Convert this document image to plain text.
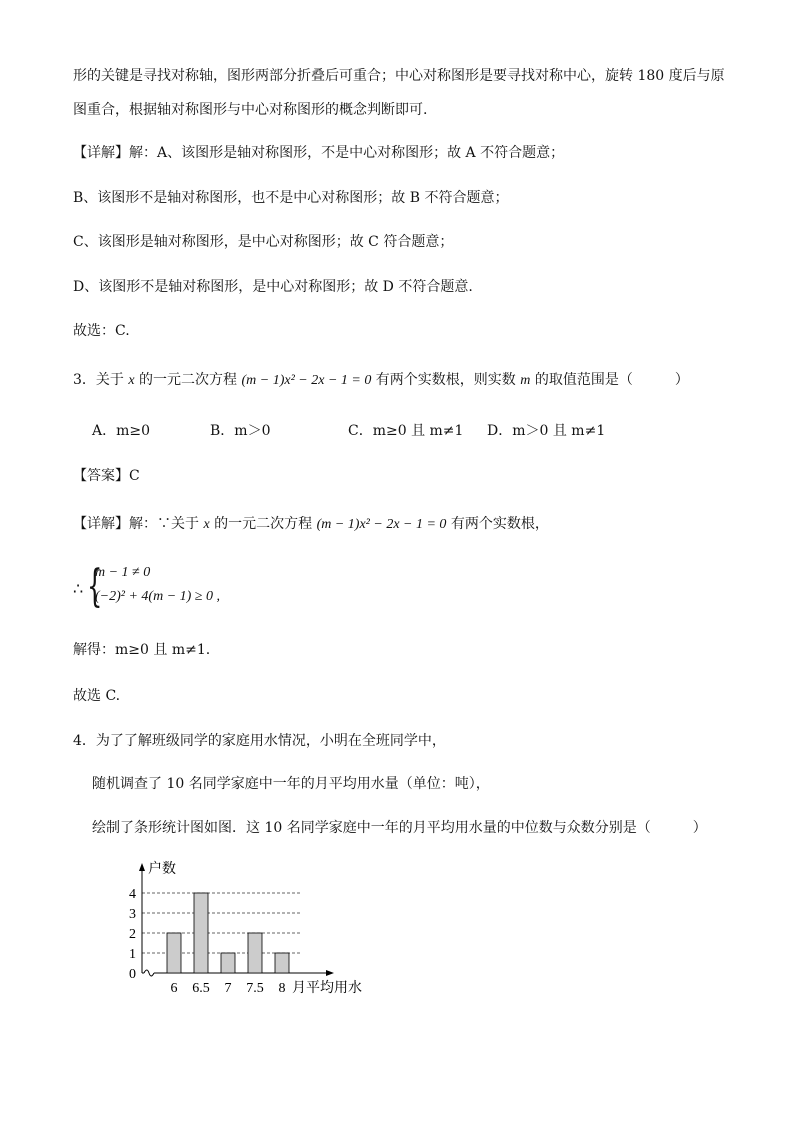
形的关键是寻找对称轴，图形两部分折叠后可重合；中心对称图形是要寻找对称中心，旋转 180 度后与原
图重合，根据轴对称图形与中心对称图形的概念判断即可.
【详解】解：A、该图形是轴对称图形，不是中心对称图形；故 A 不符合题意；
B、该图形不是轴对称图形，也不是中心对称图形；故 B 不符合题意；
C、该图形是轴对称图形，是中心对称图形；故 C 符合题意；
D、该图形不是轴对称图形，是中心对称图形；故 D 不符合题意.
故选：C.
3．关于 x 的一元二次方程 (m − 1)x² − 2x − 1 = 0 有两个实数根，则实数 m 的取值范围是（　　　）
A．m≥0	B．m＞0	C．m≥0 且 m≠1 D．m＞0 且 m≠1
【答案】C
【详解】解：∵关于 x 的一元二次方程 (m − 1)x² − 2x − 1 = 0 有两个实数根，
∴ {
m − 1 ≠ 0
(−2)² + 4(m − 1) ≥ 0 ,
解得：m≥0 且 m≠1.
故选 C.
4．为了了解班级同学的家庭用水情况，小明在全班同学中，
随机调查了 10 名同学家庭中一年的月平均用水量（单位：吨），
绘制了条形统计图如图．这 10 名同学家庭中一年的月平均用水量的中位数与众数分别是（　　　）
0
1
2
3
4
户数
6 6.5 7 7.5 8 月平均用水
